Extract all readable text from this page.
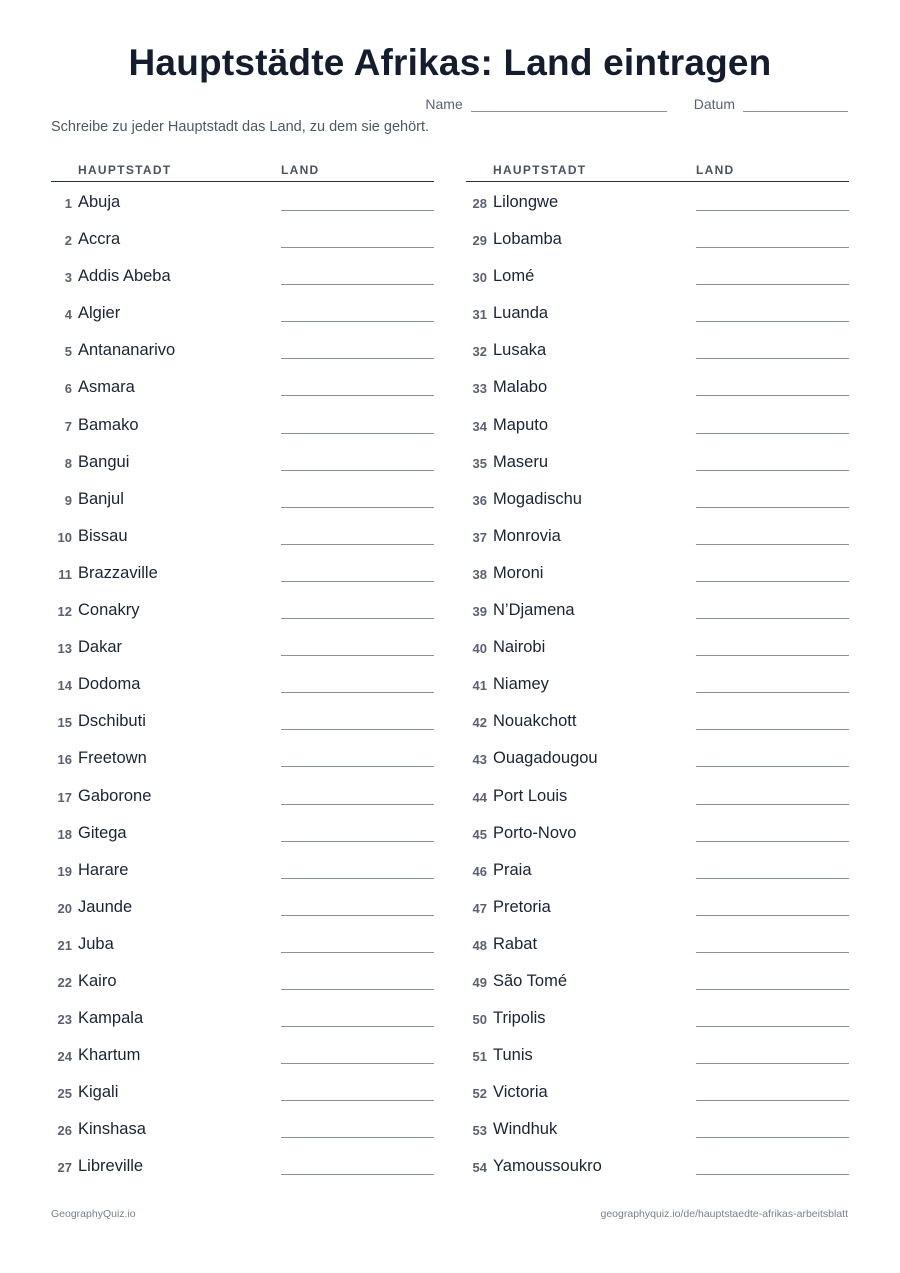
Hauptstädte Afrikas: Land eintragen
Name	Datum
Schreibe zu jeder Hauptstadt das Land, zu dem sie gehört.
HAUPTSTADT	LAND
1 Abuja
2 Accra
3 Addis Abeba
4 Algier
5 Antananarivo
6 Asmara
7 Bamako
8 Bangui
9 Banjul
10 Bissau
11 Brazzaville
12 Conakry
13 Dakar
14 Dodoma
15 Dschibuti
16 Freetown
17 Gaborone
18 Gitega
19 Harare
20 Jaunde
21 Juba
22 Kairo
23 Kampala
24 Khartum
25 Kigali
26 Kinshasa
27 Libreville
HAUPTSTADT	LAND
28 Lilongwe
29 Lobamba
30 Lomé
31 Luanda
32 Lusaka
33 Malabo
34 Maputo
35 Maseru
36 Mogadischu
37 Monrovia
38 Moroni
39 N’Djamena
40 Nairobi
41 Niamey
42 Nouakchott
43 Ouagadougou
44 Port Louis
45 Porto-Novo
46 Praia
47 Pretoria
48 Rabat
49 São Tomé
50 Tripolis
51 Tunis
52 Victoria
53 Windhuk
54 Yamoussoukro
GeographyQuiz.io	geographyquiz.io/de/hauptstaedte-afrikas-arbeitsblatt
